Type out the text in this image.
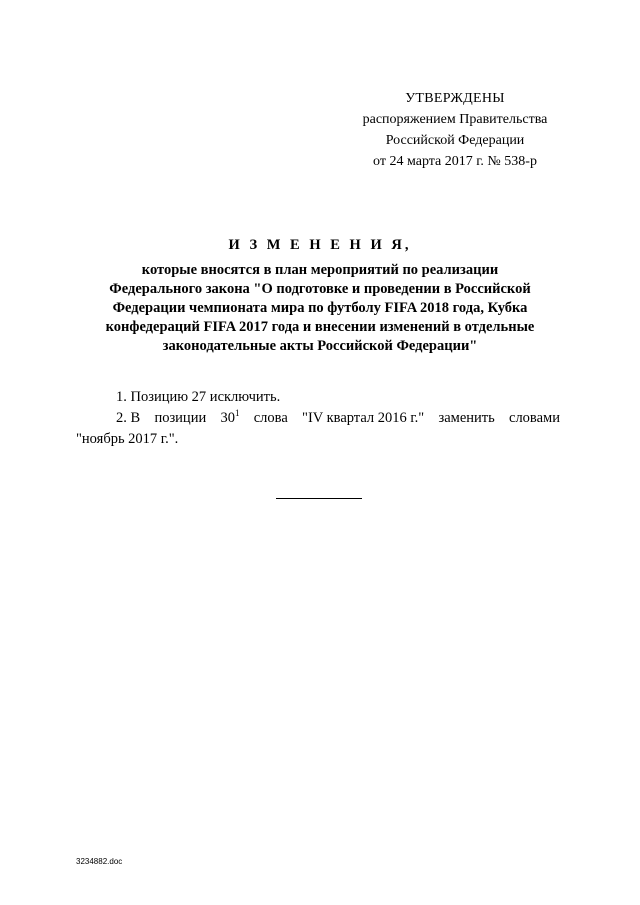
УТВЕРЖДЕНЫ
распоряжением Правительства
Российской Федерации
от 24 марта 2017 г. № 538-р
И З М Е Н Е Н И Я,
которые вносятся в план мероприятий по реализации
Федерального закона "О подготовке и проведении в Российской
Федерации чемпионата мира по футболу FIFA 2018 года, Кубка
конфедераций FIFA 2017 года и внесении изменений в отдельные
законодательные акты Российской Федерации"

1. Позицию 27 исключить.

2. В позиции $30^1$ слова "IV квартал 2016 г." заменить словами
"ноябрь 2017 г.".
3234882.doc
